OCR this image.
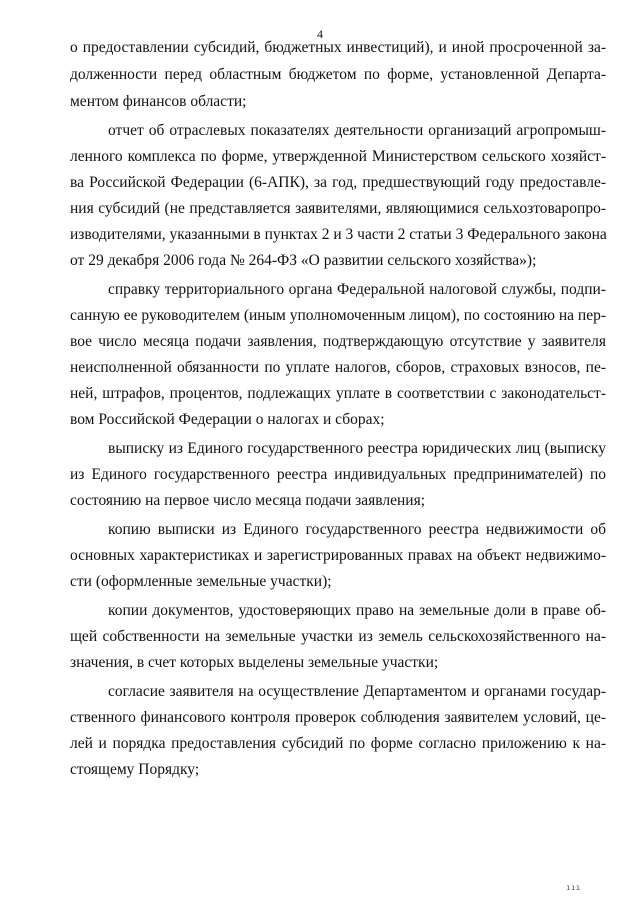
4
о предоставлении субсидий, бюджетных инвестиций), и иной просроченной за-
долженности перед областным бюджетом по форме, установленной Департа-
ментом финансов области;
отчет об отраслевых показателях деятельности организаций агропромыш-
ленного комплекса по форме, утвержденной Министерством сельского хозяйст-
ва Российской Федерации (6-АПК), за год, предшествующий году предоставле-
ния субсидий (не представляется заявителями, являющимися сельхозтоваропро-
изводителями, указанными в пунктах 2 и 3 части 2 статьи 3 Федерального закона
от 29 декабря 2006 года № 264-ФЗ «О развитии сельского хозяйства»);
справку территориального органа Федеральной налоговой службы, подпи-
санную ее руководителем (иным уполномоченным лицом), по состоянию на пер-
вое число месяца подачи заявления, подтверждающую отсутствие у заявителя
неисполненной обязанности по уплате налогов, сборов, страховых взносов, пе-
ней, штрафов, процентов, подлежащих уплате в соответствии с законодательст-
вом Российской Федерации о налогах и сборах;
выписку из Единого государственного реестра юридических лиц (выписку
из Единого государственного реестра индивидуальных предпринимателей) по
состоянию на первое число месяца подачи заявления;
копию выписки из Единого государственного реестра недвижимости об
основных характеристиках и зарегистрированных правах на объект недвижимо-
сти (оформленные земельные участки);
копии документов, удостоверяющих право на земельные доли в праве об-
щей собственности на земельные участки из земель сельскохозяйственного на-
значения, в счет которых выделены земельные участки;
согласие заявителя на осуществление Департаментом и органами государ-
ственного финансового контроля проверок соблюдения заявителем условий, це-
лей и порядка предоставления субсидий по форме согласно приложению к на-
стоящему Порядку;
ııı
